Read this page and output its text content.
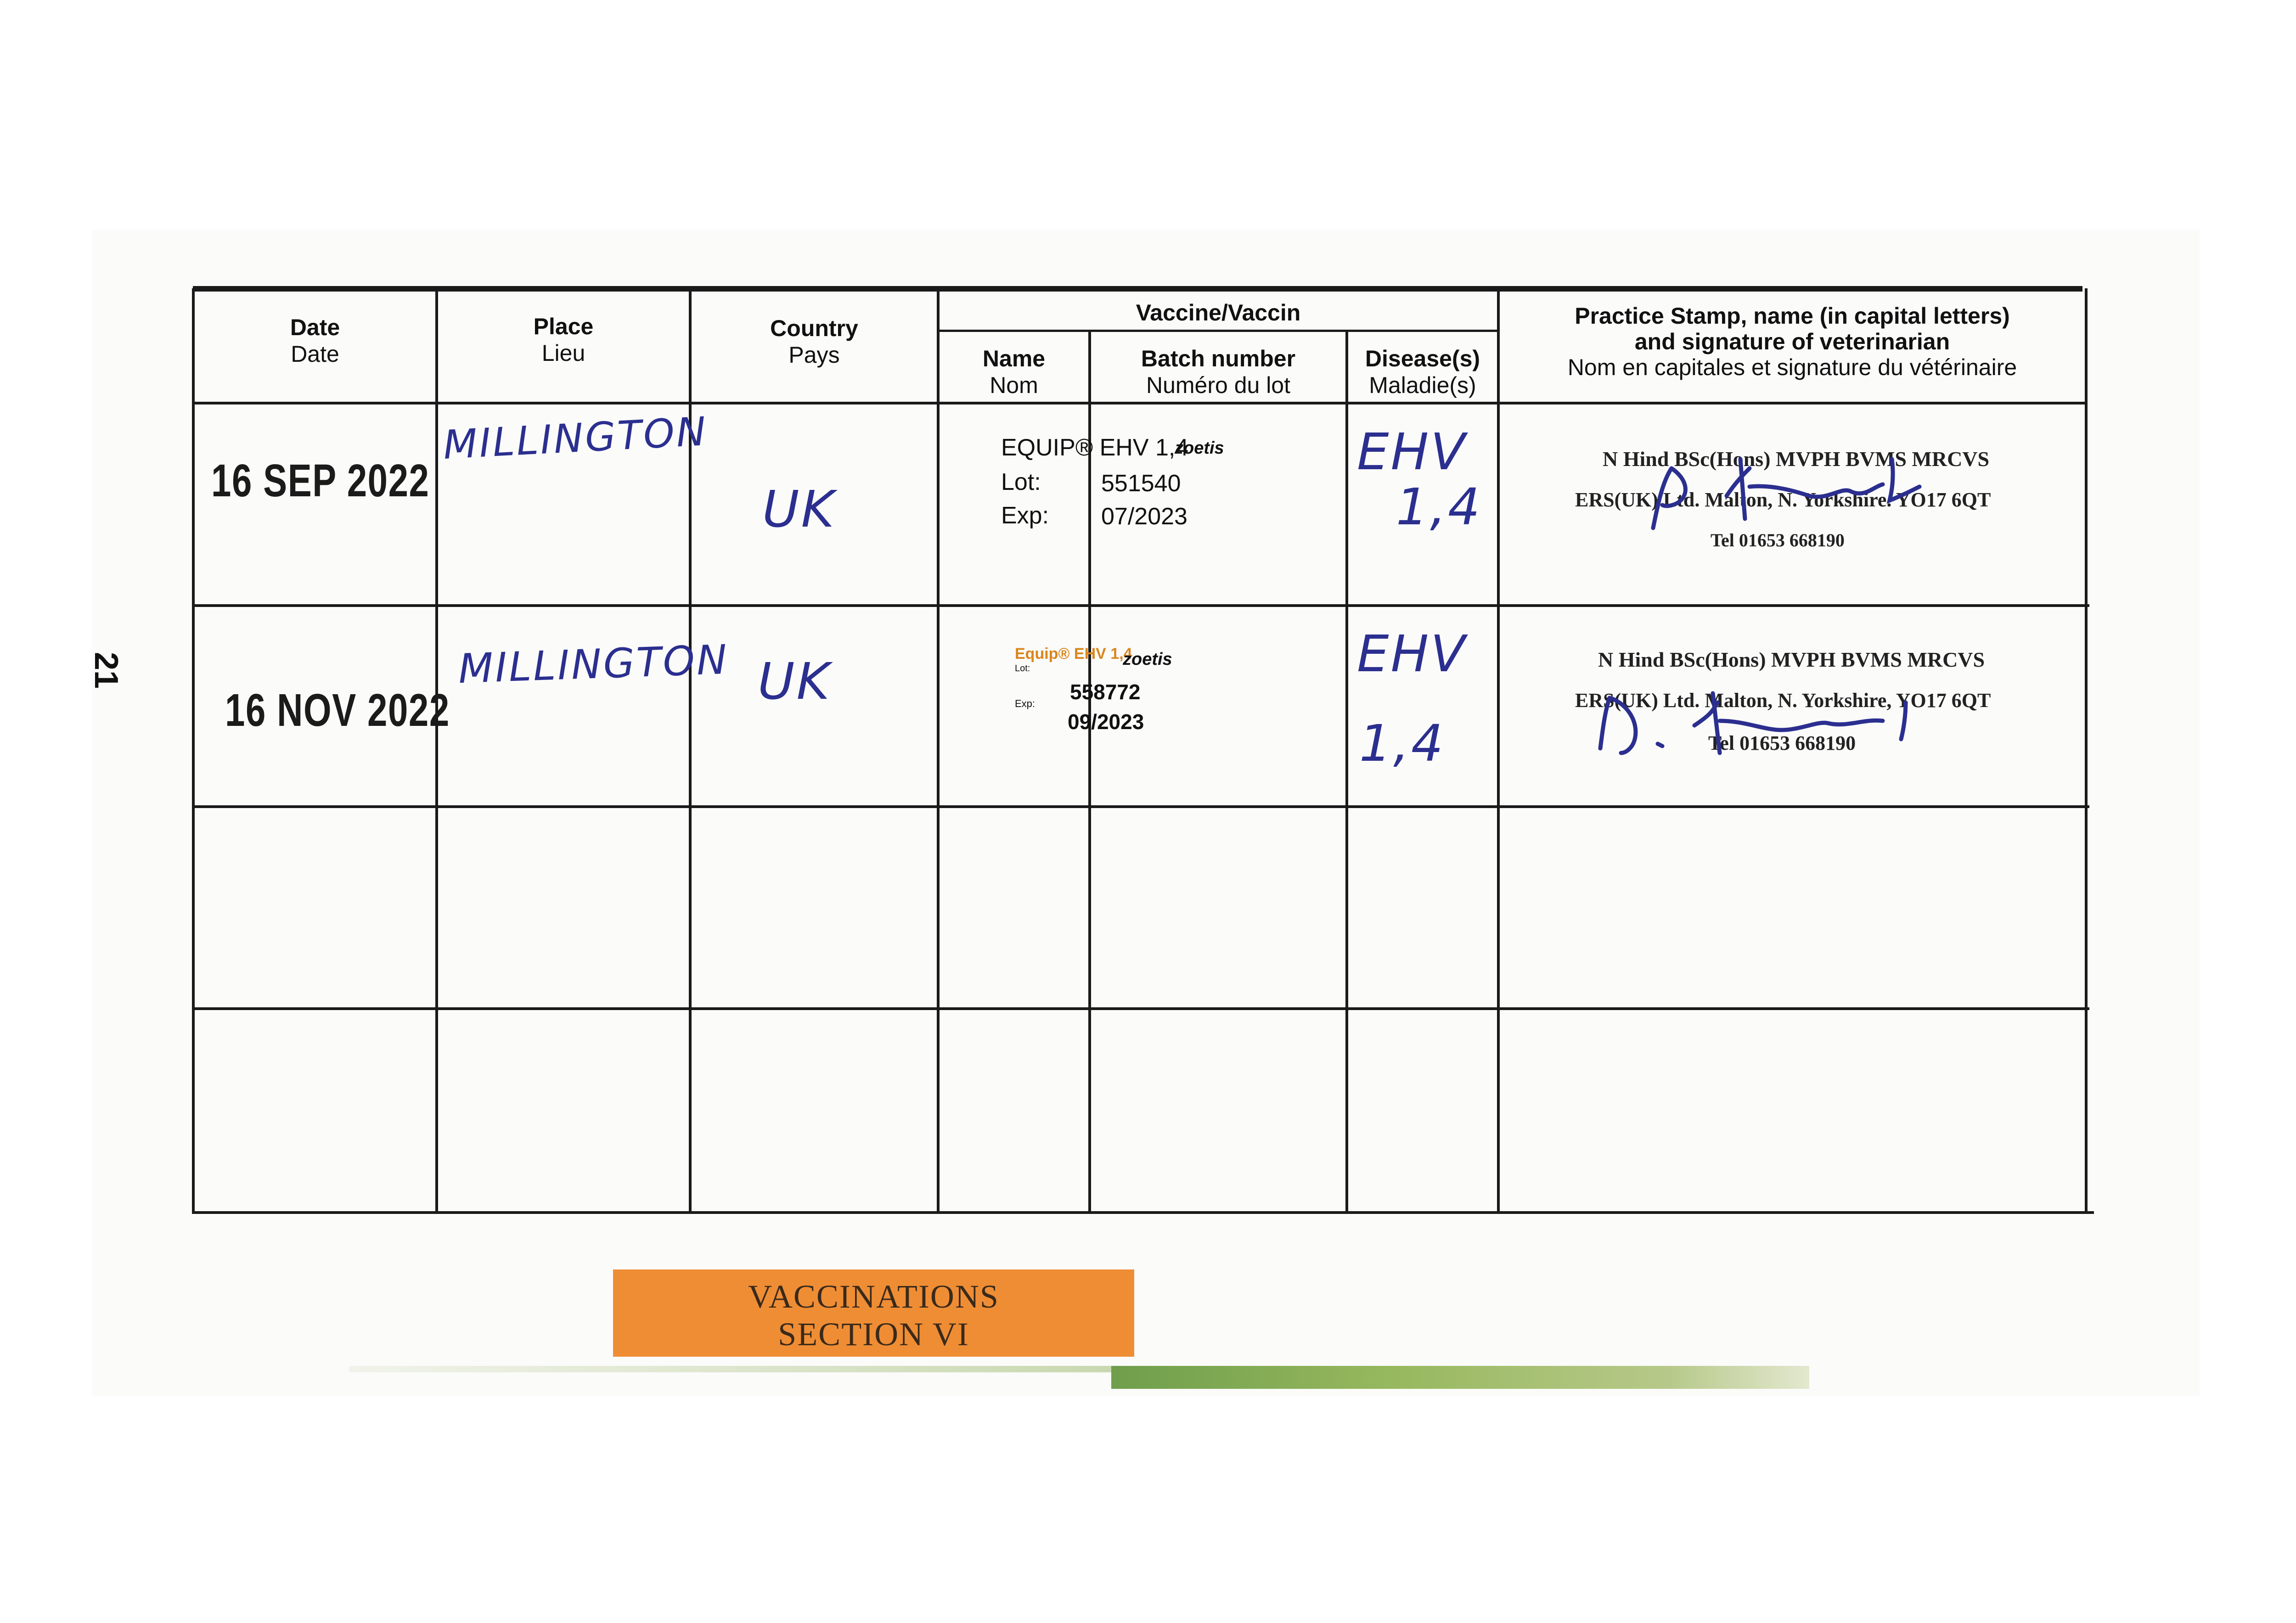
21
Date
Date
Place
Lieu
Country
Pays
Vaccine/Vaccin
Name
Nom
Batch number
Numéro du lot
Disease(s)
Maladie(s)
Practice Stamp, name (in capital letters)
and signature of veterinarian
Nom en capitales et signature du vétérinaire
16 SEP 2022
MILLINGTON
UK
EQUIP® EHV 1,4
zoetis
Lot:	551540
Exp: 07/2023
EHV
1,4
N Hind BSc(Hons) MVPH BVMS MRCVS
ERS(UK) Ltd. Malton, N. Yorkshire. YO17 6QT
Tel 01653 668190
16 NOV 2022
MILLINGTON UK	Equip® EHV 1,4
zoetis
Lot:
558772
Exp:
09/2023
EHV
1,4
N Hind BSc(Hons) MVPH BVMS MRCVS
ERS(UK) Ltd. Malton, N. Yorkshire, YO17 6QT
Tel 01653 668190
VACCINATIONS
SECTION VI
